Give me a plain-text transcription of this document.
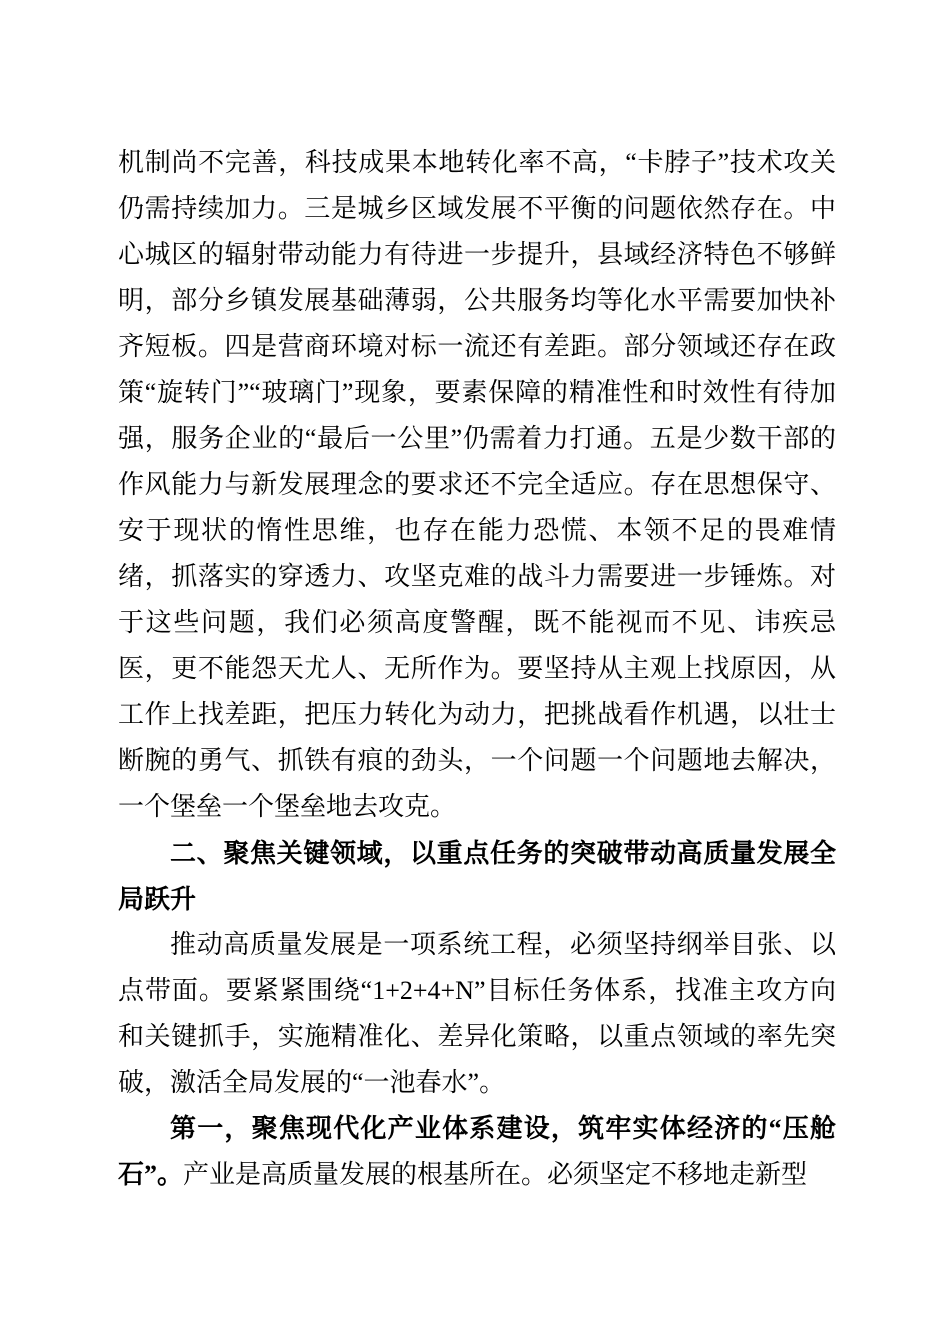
机制尚不完善，科技成果本地转化率不高，“卡脖子”技术攻关仍需持续加力。三是城乡区域发展不平衡的问题依然存在。中心城区的辐射带动能力有待进一步提升，县域经济特色不够鲜明，部分乡镇发展基础薄弱，公共服务均等化水平需要加快补齐短板。四是营商环境对标一流还有差距。部分领域还存在政策“旋转门”“玻璃门”现象，要素保障的精准性和时效性有待加强，服务企业的“最后一公里”仍需着力打通。五是少数干部的作风能力与新发展理念的要求还不完全适应。存在思想保守、安于现状的惰性思维，也存在能力恐慌、本领不足的畏难情绪，抓落实的穿透力、攻坚克难的战斗力需要进一步锤炼。对于这些问题，我们必须高度警醒，既不能视而不见、讳疾忌医，更不能怨天尤人、无所作为。要坚持从主观上找原因，从工作上找差距，把压力转化为动力，把挑战看作机遇，以壮士断腕的勇气、抓铁有痕的劲头，一个问题一个问题地去解决，一个堡垒一个堡垒地去攻克。

二、聚焦关键领域，以重点任务的突破带动高质量发展全局跃升

推动高质量发展是一项系统工程，必须坚持纲举目张、以点带面。要紧紧围绕“1+2+4+N”目标任务体系，找准主攻方向和关键抓手，实施精准化、差异化策略，以重点领域的率先突破，激活全局发展的“一池春水”。

第一，聚焦现代化产业体系建设，筑牢实体经济的“压舱石”。产业是高质量发展的根基所在。必须坚定不移地走新型
